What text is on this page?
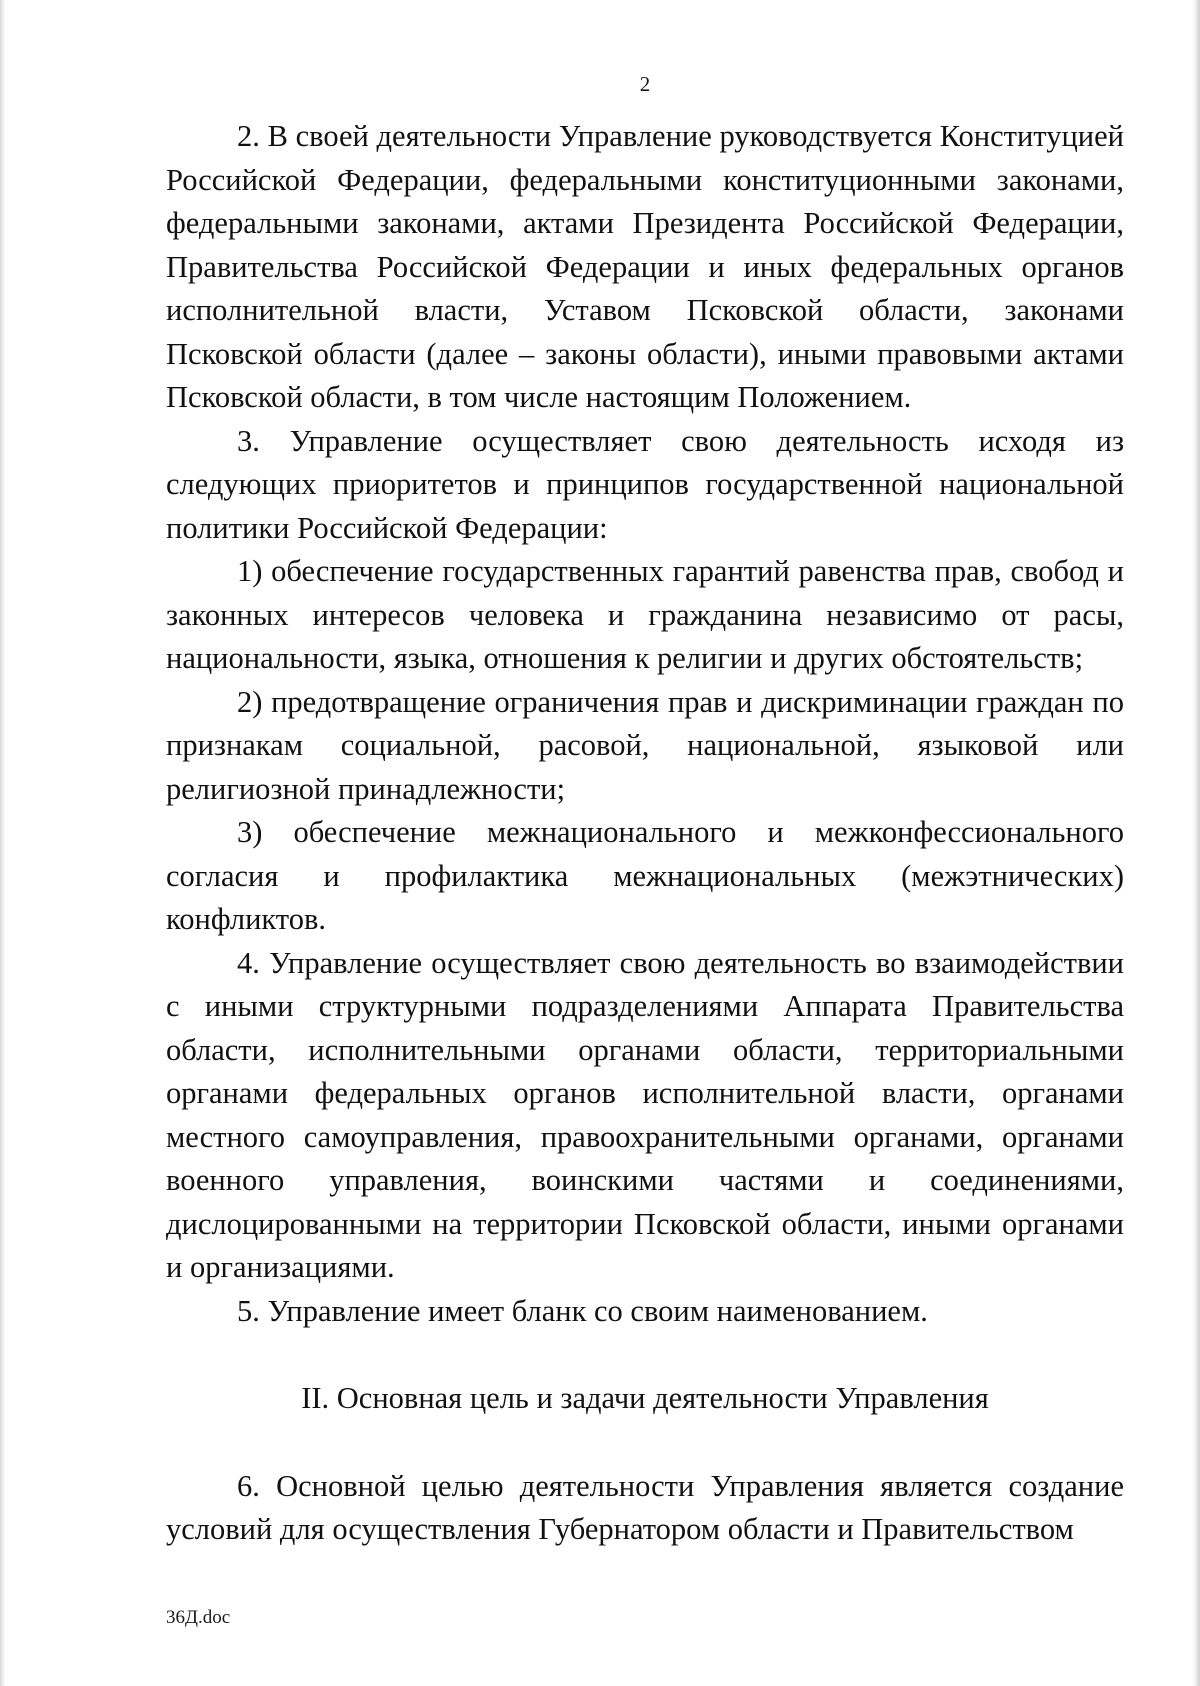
2

2. В своей деятельности Управление руководствуется Конституцией Российской Федерации, федеральными конституционными законами, федеральными законами, актами Президента Российской Федерации, Правительства Российской Федерации и иных федеральных органов исполнительной власти, Уставом Псковской области, законами Псковской области (далее – законы области), иными правовыми актами Псковской области, в том числе настоящим Положением.

3. Управление осуществляет свою деятельность исходя из следующих приоритетов и принципов государственной национальной политики Российской Федерации:

1) обеспечение государственных гарантий равенства прав, свобод и законных интересов человека и гражданина независимо от расы, национальности, языка, отношения к религии и других обстоятельств;

2) предотвращение ограничения прав и дискриминации граждан по признакам социальной, расовой, национальной, языковой или религиозной принадлежности;

3) обеспечение межнационального и межконфессионального согласия и профилактика межнациональных (межэтнических) конфликтов.

4. Управление осуществляет свою деятельность во взаимодействии с иными структурными подразделениями Аппарата Правительства области, исполнительными органами области, территориальными органами федеральных органов исполнительной власти, органами местного самоуправления, правоохранительными органами, органами военного управления, воинскими частями и соединениями, дислоцированными на территории Псковской области, иными органами и организациями.

5. Управление имеет бланк со своим наименованием.

II. Основная цель и задачи деятельности Управления

6. Основной целью деятельности Управления является создание условий для осуществления Губернатором области и Правительством

36Д.doc
